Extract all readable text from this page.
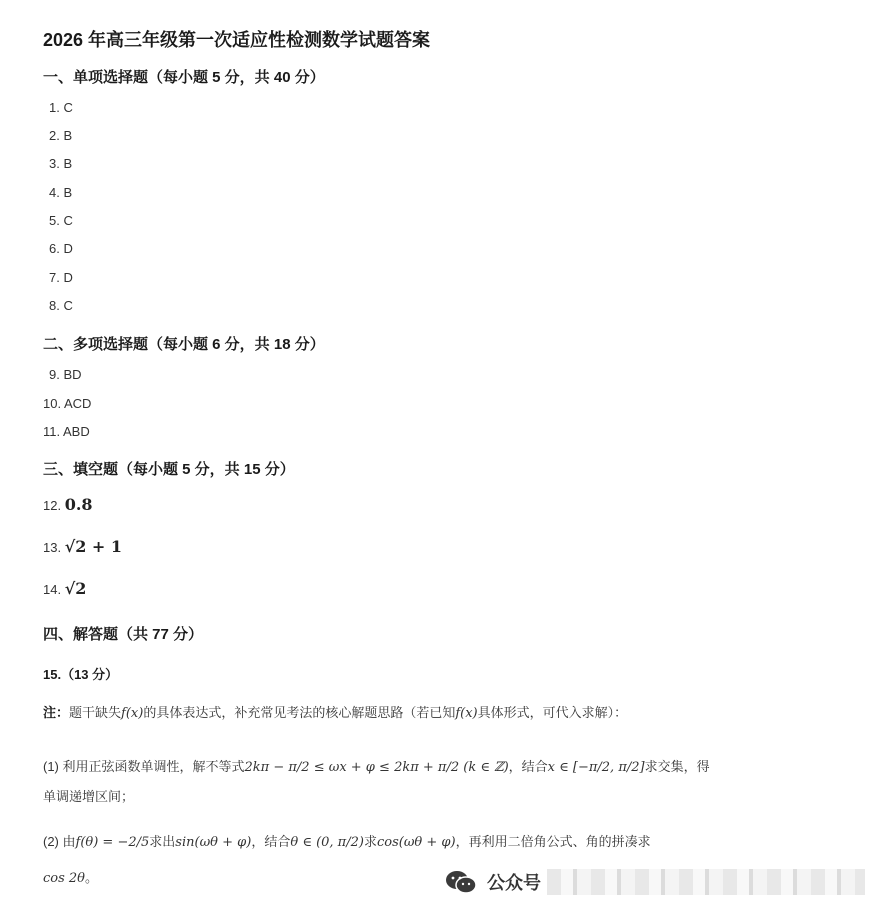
2026 年高三年级第一次适应性检测数学试题答案
一、单项选择题（每小题 5 分，共 40 分）
1. C
2. B
3. B
4. B
5. C
6. D
7. D
8. C
二、多项选择题（每小题 6 分，共 18 分）
9. BD
10. ACD
11. ABD
三、填空题（每小题 5 分，共 15 分）
12. 0.8
13. √2 + 1
14. √2
四、解答题（共 77 分）
15.（13 分）
注：题干缺失f(x)的具体表达式，补充常见考法的核心解题思路（若已知f(x)具体形式，可代入求解）：
(1) 利用正弦函数单调性，解不等式2kπ − π/2 ≤ ωx + φ ≤ 2kπ + π/2 (k ∈ ℤ)，结合x ∈ [−π/2, π/2]求交集，得
单调递增区间；
(2) 由f(θ) = −2/5求出sin(ωθ + φ)，结合θ ∈ (0, π/2)求cos(ωθ + φ)，再利用二倍角公式、角的拼凑求
cos 2θ。	公众号
